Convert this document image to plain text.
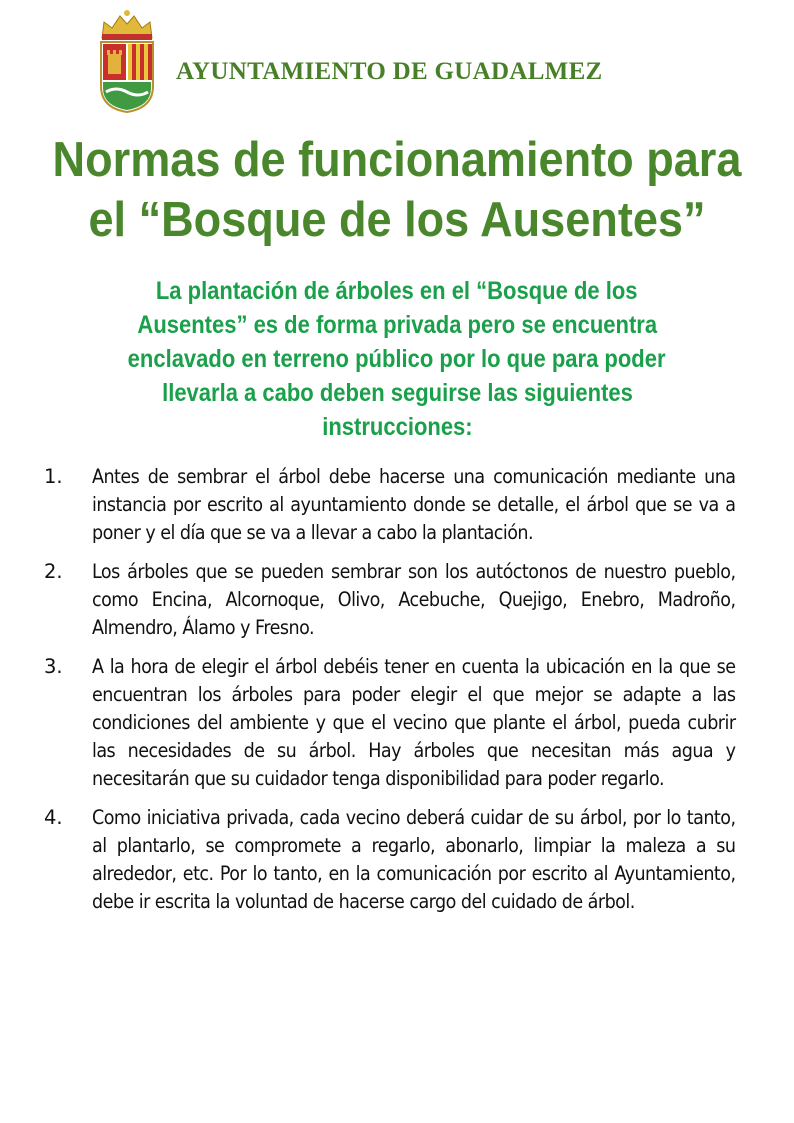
AYUNTAMIENTO DE GUADALMEZ
Normas de funcionamiento para
el “Bosque de los Ausentes”
La plantación de árboles en el “Bosque de los
Ausentes” es de forma privada pero se encuentra
enclavado en terreno público por lo que para poder
llevarla a cabo deben seguirse las siguientes
instrucciones:
1. Antes de sembrar el árbol debe hacerse una comunicación mediante una instancia por escrito al ayuntamiento donde se detalle, el árbol que se va a poner y el día que se va a llevar a cabo la plantación.
2. Los árboles que se pueden sembrar son los autóctonos de nuestro pueblo, como Encina, Alcornoque, Olivo, Acebuche, Quejigo, Enebro, Madroño, Almendro, Álamo y Fresno.
3. A la hora de elegir el árbol debéis tener en cuenta la ubicación en la que se encuentran los árboles para poder elegir el que mejor se adapte a las condiciones del ambiente y que el vecino que plante el árbol, pueda cubrir las necesidades de su árbol. Hay árboles que necesitan más agua y necesitarán que su cuidador tenga disponibilidad para poder regarlo.
4. Como iniciativa privada, cada vecino deberá cuidar de su árbol, por lo tanto, al plantarlo, se compromete a regarlo, abonarlo, limpiar la maleza a su alrededor, etc. Por lo tanto, en la comunicación por escrito al Ayuntamiento, debe ir escrita la voluntad de hacerse cargo del cuidado de árbol.
